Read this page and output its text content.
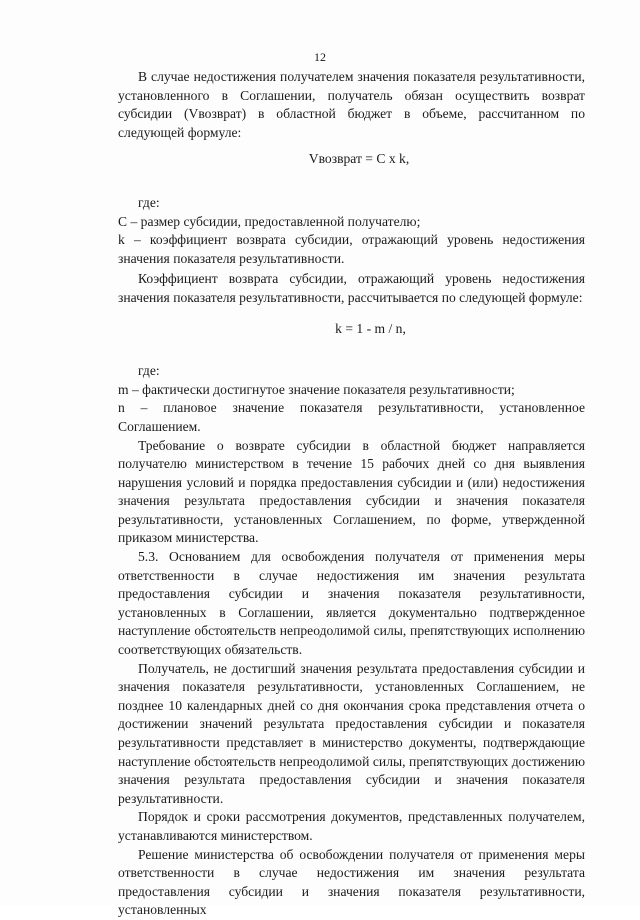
12

В случае недостижения получателем значения показателя результативности, установленного в Соглашении, получатель обязан осуществить возврат субсидии (Vвозврат) в областной бюджет в объеме, рассчитанном по следующей формуле:

Vвозврат = C x k,

где:

C – размер субсидии, предоставленной получателю;

k – коэффициент возврата субсидии, отражающий уровень недостижения значения показателя результативности.

Коэффициент возврата субсидии, отражающий уровень недостижения значения показателя результативности, рассчитывается по следующей формуле:

k = 1 - m / n,

где:

m – фактически достигнутое значение показателя результативности;

n – плановое значение показателя результативности, установленное Соглашением.

Требование о возврате субсидии в областной бюджет направляется получателю министерством в течение 15 рабочих дней со дня выявления нарушения условий и порядка предоставления субсидии и (или) недостижения значения результата предоставления субсидии и значения показателя результативности, установленных Соглашением, по форме, утвержденной приказом министерства.

5.3. Основанием для освобождения получателя от применения меры ответственности в случае недостижения им значения результата предоставления субсидии и значения показателя результативности, установленных в Соглашении, является документально подтвержденное наступление обстоятельств непреодолимой силы, препятствующих исполнению соответствующих обязательств.

Получатель, не достигший значения результата предоставления субсидии и значения показателя результативности, установленных Соглашением, не позднее 10 календарных дней со дня окончания срока представления отчета о достижении значений результата предоставления субсидии и показателя результативности представляет в министерство документы, подтверждающие наступление обстоятельств непреодолимой силы, препятствующих достижению значения результата предоставления субсидии и значения показателя результативности.

Порядок и сроки рассмотрения документов, представленных получателем, устанавливаются министерством.

Решение министерства об освобождении получателя от применения меры ответственности в случае недостижения им значения результата предоставления субсидии и значения показателя результативности, установленных
